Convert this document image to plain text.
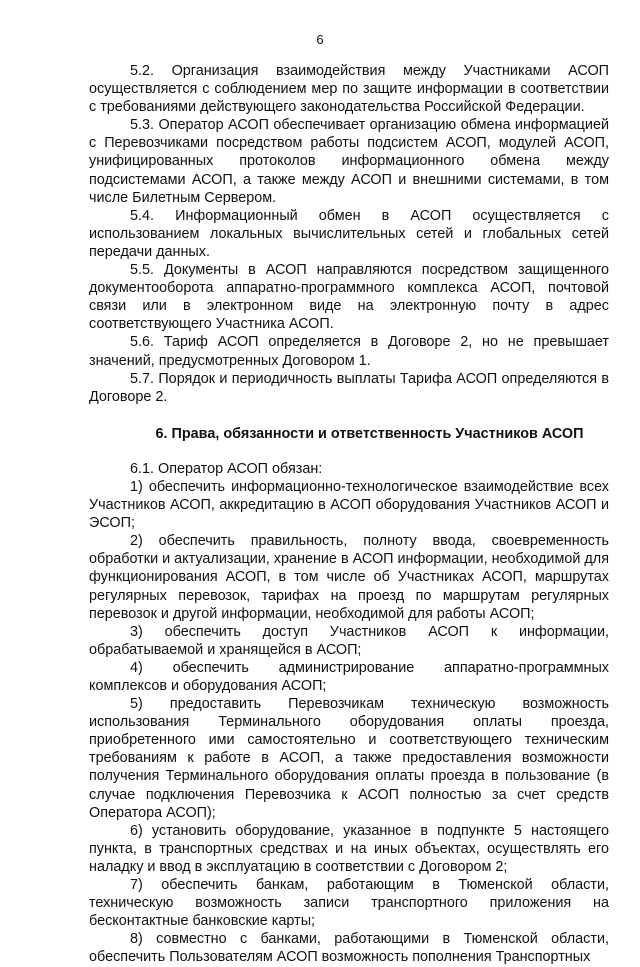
6

5.2. Организация взаимодействия между Участниками АСОП осуществляется с соблюдением мер по защите информации в соответствии с требованиями действующего законодательства Российской Федерации.

5.3. Оператор АСОП обеспечивает организацию обмена информацией с Перевозчиками посредством работы подсистем АСОП, модулей АСОП, унифицированных протоколов информационного обмена между подсистемами АСОП, а также между АСОП и внешними системами, в том числе Билетным Сервером.

5.4. Информационный обмен в АСОП осуществляется с использованием локальных вычислительных сетей и глобальных сетей передачи данных.

5.5. Документы в АСОП направляются посредством защищенного документооборота аппаратно-программного комплекса АСОП, почтовой связи или в электронном виде на электронную почту в адрес соответствующего Участника АСОП.

5.6. Тариф АСОП определяется в Договоре 2, но не превышает значений, предусмотренных Договором 1.

5.7. Порядок и периодичность выплаты Тарифа АСОП определяются в Договоре 2.

6. Права, обязанности и ответственность Участников АСОП

6.1. Оператор АСОП обязан:

1) обеспечить информационно-технологическое взаимодействие всех Участников АСОП, аккредитацию в АСОП оборудования Участников АСОП и ЭСОП;

2) обеспечить правильность, полноту ввода, своевременность обработки и актуализации, хранение в АСОП информации, необходимой для функционирования АСОП, в том числе об Участниках АСОП, маршрутах регулярных перевозок, тарифах на проезд по маршрутам регулярных перевозок и другой информации, необходимой для работы АСОП;

3) обеспечить доступ Участников АСОП к информации, обрабатываемой и хранящейся в АСОП;

4) обеспечить администрирование аппаратно-программных комплексов и оборудования АСОП;

5) предоставить Перевозчикам техническую возможность использования Терминального оборудования оплаты проезда, приобретенного ими самостоятельно и соответствующего техническим требованиям к работе в АСОП, а также предоставления возможности получения Терминального оборудования оплаты проезда в пользование (в случае подключения Перевозчика к АСОП полностью за счет средств Оператора АСОП);

6) установить оборудование, указанное в подпункте 5 настоящего пункта, в транспортных средствах и на иных объектах, осуществлять его наладку и ввод в эксплуатацию в соответствии с Договором 2;

7) обеспечить банкам, работающим в Тюменской области, техническую возможность записи транспортного приложения на бесконтактные банковские карты;

8) совместно с банками, работающими в Тюменской области, обеспечить Пользователям АСОП возможность пополнения Транспортных
